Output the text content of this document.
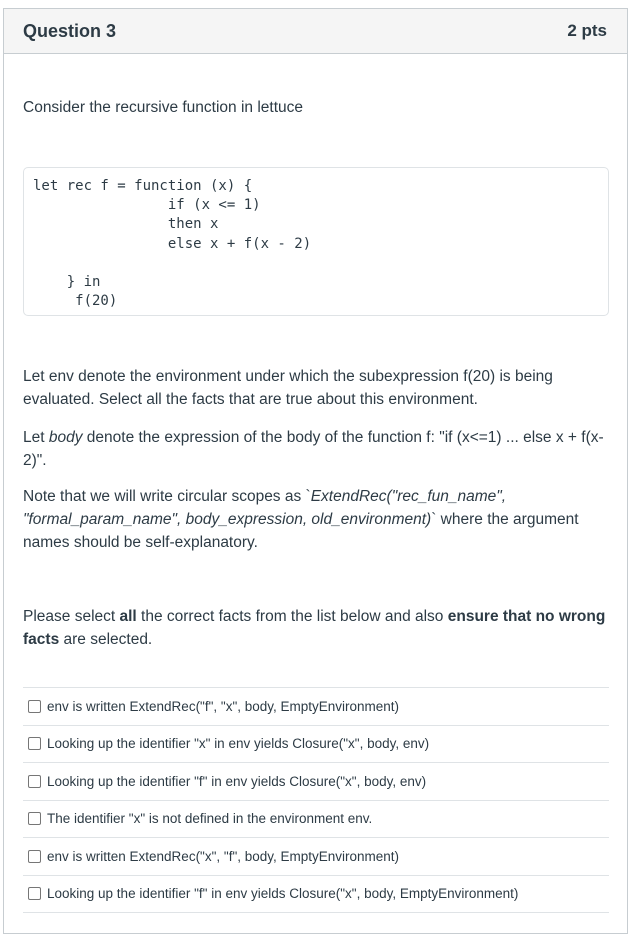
Question 3	2 pts

Consider the recursive function in lettuce

let rec f = function (x) {
if (x <= 1)
then x
else x + f(x - 2)

} in
f(20)

Let env denote the environment under which the subexpression f(20) is being evaluated. Select all the facts that are true about this environment.

Let body denote the expression of the body of the function f: "if (x<=1) ... else x + f(x-2)".

Note that we will write circular scopes as `ExtendRec("rec_fun_name", "formal_param_name", body_expression, old_environment)` where the argument names should be self-explanatory.

Please select all the correct facts from the list below and also ensure that no wrong facts are selected.

env is written ExtendRec("f", "x", body, EmptyEnvironment)
Looking up the identifier "x" in env yields Closure("x", body, env)
Looking up the identifier "f" in env yields Closure("x", body, env)
The identifier "x" is not defined in the environment env.
env is written ExtendRec("x", "f", body, EmptyEnvironment)
Looking up the identifier "f" in env yields Closure("x", body, EmptyEnvironment)
